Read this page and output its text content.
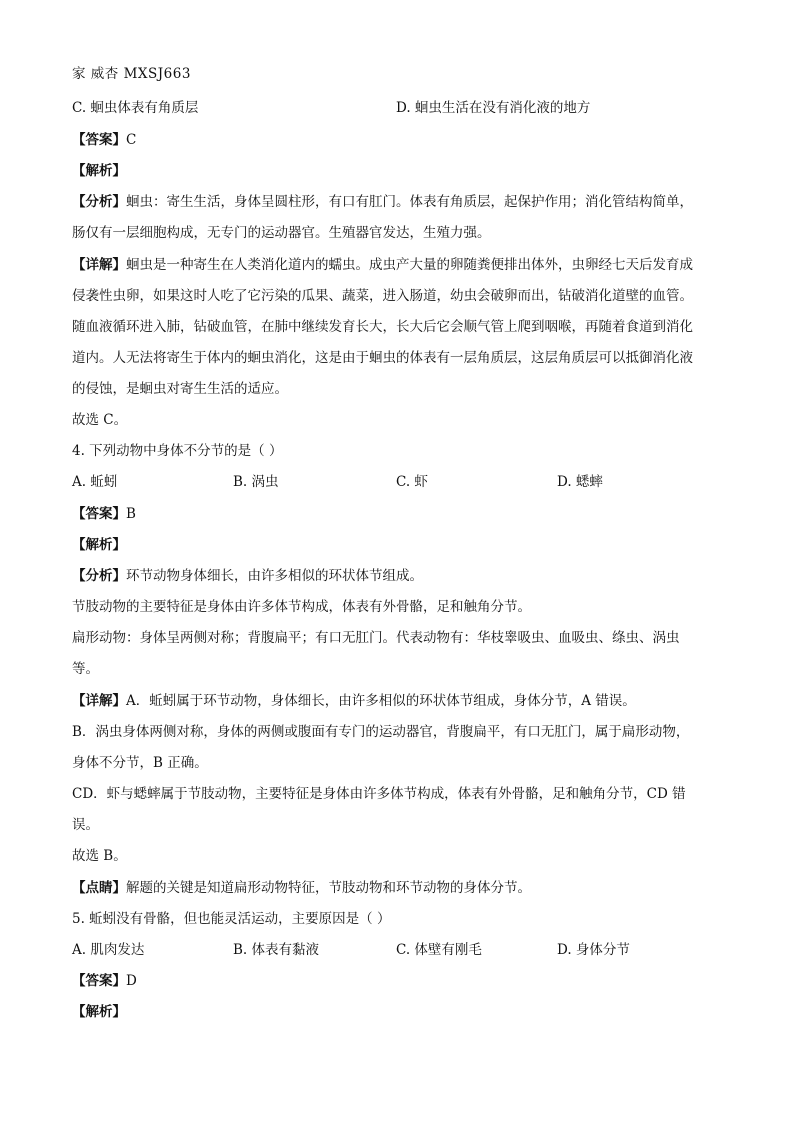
家 威杏 MXSJ663
C. 蛔虫体表有角质层	D. 蛔虫生活在没有消化液的地方
【答案】C
【解析】
【分析】蛔虫：寄生生活，身体呈圆柱形，有口有肛门。体表有角质层，起保护作用；消化管结构简单，
肠仅有一层细胞构成，无专门的运动器官。生殖器官发达，生殖力强。
【详解】蛔虫是一种寄生在人类消化道内的蠕虫。成虫产大量的卵随粪便排出体外，虫卵经七天后发育成
侵袭性虫卵，如果这时人吃了它污染的瓜果、蔬菜，进入肠道，幼虫会破卵而出，钻破消化道壁的血管。
随血液循环进入肺，钻破血管，在肺中继续发育长大，长大后它会顺气管上爬到咽喉，再随着食道到消化
道内。人无法将寄生于体内的蛔虫消化，这是由于蛔虫的体表有一层角质层，这层角质层可以抵御消化液
的侵蚀，是蛔虫对寄生生活的适应。
故选 C。
4. 下列动物中身体不分节的是（ ）
A. 蚯蚓	B. 涡虫	C. 虾	D. 蟋蟀
【答案】B
【解析】
【分析】环节动物身体细长，由许多相似的环状体节组成。
节肢动物的主要特征是身体由许多体节构成，体表有外骨骼，足和触角分节。
扁形动物：身体呈两侧对称；背腹扁平；有口无肛门。代表动物有：华枝睾吸虫、血吸虫、绦虫、涡虫
等。
【详解】A．蚯蚓属于环节动物，身体细长，由许多相似的环状体节组成，身体分节，A 错误。
B．涡虫身体两侧对称，身体的两侧或腹面有专门的运动器官，背腹扁平，有口无肛门，属于扁形动物，
身体不分节，B 正确。
CD．虾与蟋蟀属于节肢动物，主要特征是身体由许多体节构成，体表有外骨骼，足和触角分节，CD 错
误。
故选 B。
【点睛】解题的关键是知道扁形动物特征，节肢动物和环节动物的身体分节。
5. 蚯蚓没有骨骼，但也能灵活运动，主要原因是（ ）
A. 肌肉发达	B. 体表有黏液	C. 体壁有刚毛	D. 身体分节
【答案】D
【解析】
